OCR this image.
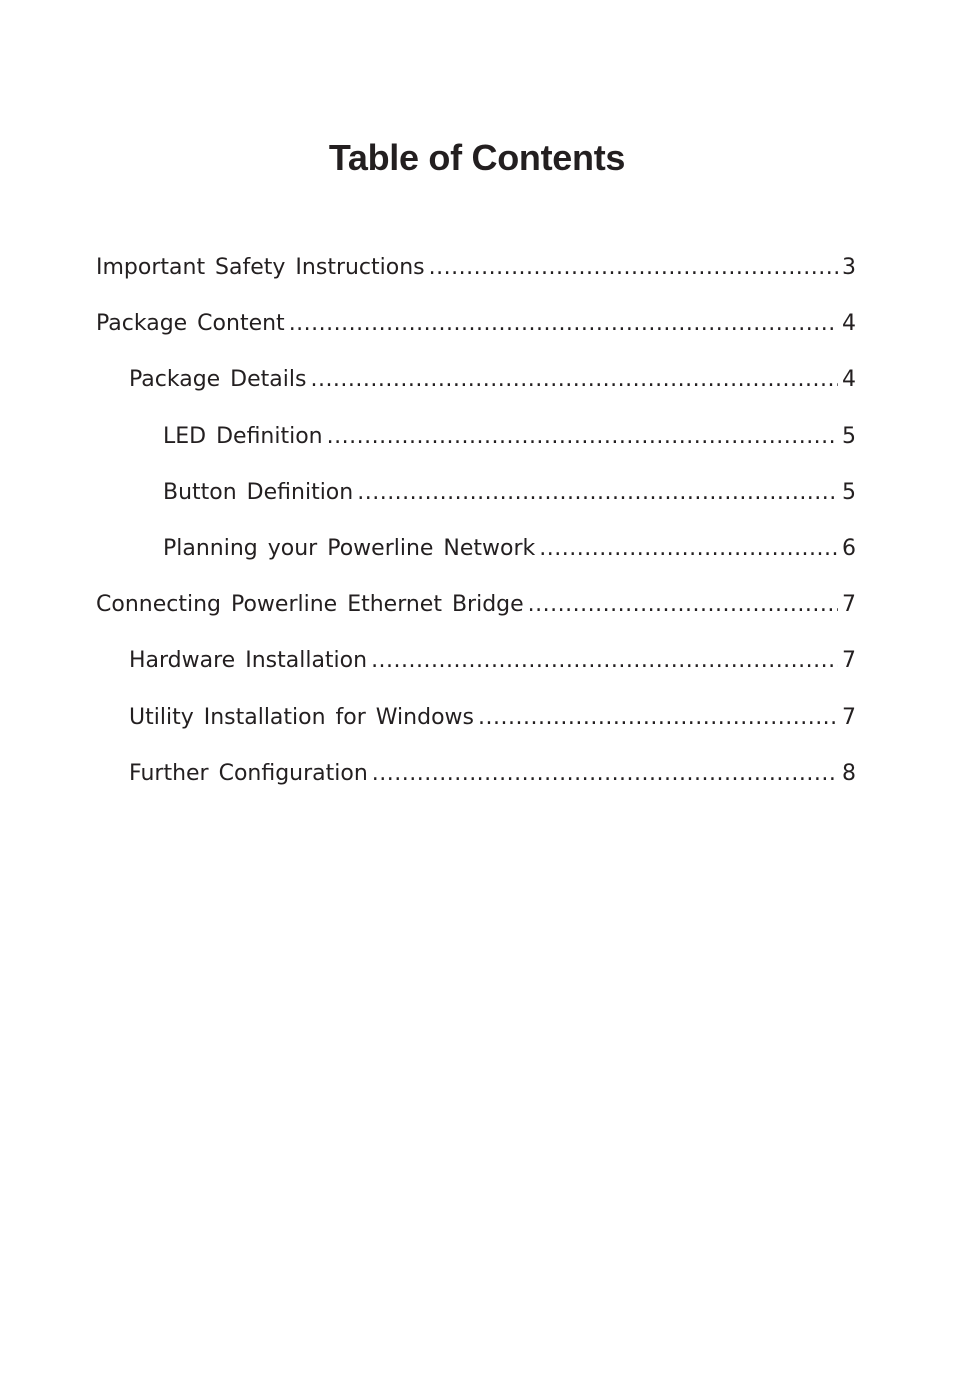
Table of Contents
Important Safety Instructions .....	3
Package Content .....	4
Package Details .....	4
LED Definition .....	5
Button Definition .....	5
Planning your Powerline Network .....	6
Connecting Powerline Ethernet Bridge .....	7
Hardware Installation .....	7
Utility Installation for Windows .....	7
Further Configuration .....	8
